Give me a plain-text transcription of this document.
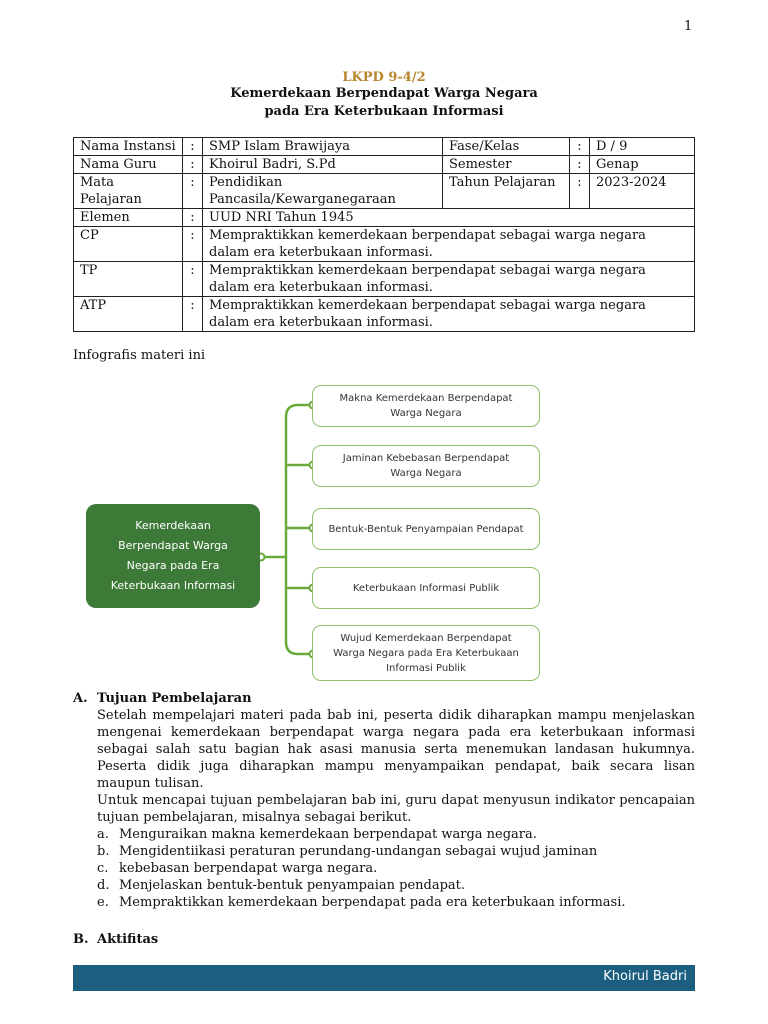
1
LKPD 9-4/2
Kemerdekaan Berpendapat Warga Negara
pada Era Keterbukaan Informasi
Nama Instansi	:	SMP Islam Brawijaya	Fase/Kelas	:	D / 9
Nama Guru	:	Khoirul Badri, S.Pd	Semester	:	Genap
Mata Pelajaran	:	Pendidikan Pancasila/Kewarganegaraan	Tahun Pelajaran	:	2023-2024
Elemen	:	UUD NRI Tahun 1945			
CP	:	Mempraktikkan kemerdekaan berpendapat sebagai warga negara dalam era keterbukaan informasi.			
TP	:	Mempraktikkan kemerdekaan berpendapat sebagai warga negara dalam era keterbukaan informasi.			
ATP	:	Mempraktikkan kemerdekaan berpendapat sebagai warga negara dalam era keterbukaan informasi.			
Infografis materi ini
Kemerdekaan Berpendapat Warga Negara pada Era Keterbukaan Informasi
Makna Kemerdekaan Berpendapat Warga Negara
Jaminan Kebebasan Berpendapat Warga Negara
Bentuk-Bentuk Penyampaian Pendapat
Keterbukaan Informasi Publik
Wujud Kemerdekaan Berpendapat Warga Negara pada Era Keterbukaan Informasi Publik
A. Tujuan Pembelajaran
Setelah mempelajari materi pada bab ini, peserta didik diharapkan mampu menjelaskan mengenai kemerdekaan berpendapat warga negara pada era keterbukaan informasi sebagai salah satu bagian hak asasi manusia serta menemukan landasan hukumnya. Peserta didik juga diharapkan mampu menyampaikan pendapat, baik secara lisan maupun tulisan.
Untuk mencapai tujuan pembelajaran bab ini, guru dapat menyusun indikator pencapaian tujuan pembelajaran, misalnya sebagai berikut.
a. Menguraikan makna kemerdekaan berpendapat warga negara.
b. Mengidentiikasi peraturan perundang-undangan sebagai wujud jaminan
c. kebebasan berpendapat warga negara.
d. Menjelaskan bentuk-bentuk penyampaian pendapat.
e. Mempraktikkan kemerdekaan berpendapat pada era keterbukaan informasi.
B. Aktifitas
Khoirul Badri
